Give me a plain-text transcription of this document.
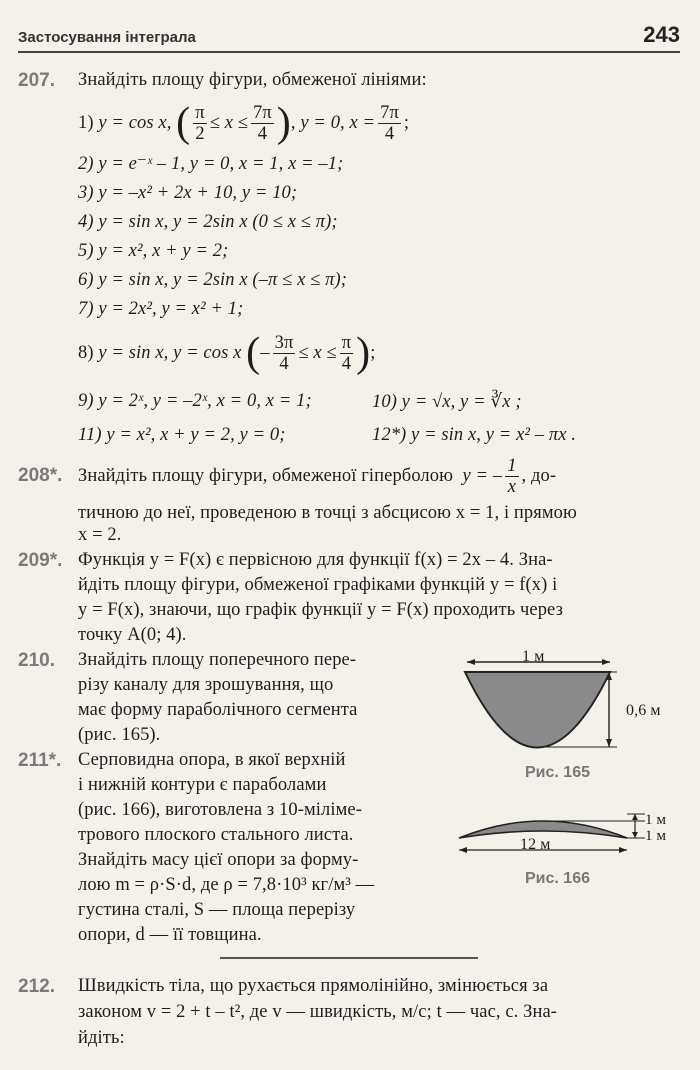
Застосування інтеграла	243
207. Знайдіть площу фігури, обмеженої лініями:
1)
y = cos x,
( $\frac{\pi}{2} \le x \le \frac{7\pi}{4}$ ) , y = 0, $x = \frac{7\pi}{4}$ ;
2) y = e⁻ˣ – 1, y = 0, x = 1, x = –1;
3) y = –x² + 2x + 10, y = 10;
4) y = sin x, y = 2sin x (0 ≤ x ≤ π);
5) y = x², x + y = 2;
6) y = sin x, y = 2sin x (–π ≤ x ≤ π);
7) y = 2x², y = x² + 1;
8)
y = sin x, y = cos x
( – $\frac{3\pi}{4} \le x \le \frac{\pi}{4}$ ) ;
9) y = 2ˣ, y = –2ˣ, x = 0, x = 1;	10) y = √x, y = ∛x ;
11) y = x², x + y = 2, y = 0;	12*) y = sin x, y = x² – πx .
208*. Знайдіть площу фігури, обмеженої гіперболою
y = – $\frac{1}{x}$ , до-
тичною до неї, проведеною в точці з абсцисою x = 1, і прямою
x = 2.
209*. Функція y = F(x) є первісною для функції f(x) = 2x – 4. Зна-
йдіть площу фігури, обмеженої графіками функцій y = f(x) і
y = F(x), знаючи, що графік функції y = F(x) проходить через
точку A(0; 4).
210. Знайдіть площу поперечного пере-
різу каналу для зрошування, що
має форму параболічного сегмента
(рис. 165).
211*. Серповидна опора, в якої верхній
і нижній контури є параболами
(рис. 166), виготовлена з 10-міліме-
трового плоского стального листа.
Знайдіть масу цієї опори за форму-
лою m = ρ·S·d, де ρ = 7,8·10³ кг/м³ —
густина сталі, S — площа перерізу
опори, d — її товщина.
1 м
0,6 м
Рис. 165
1 м
1 м
12 м
Рис. 166
212. Швидкість тіла, що рухається прямолінійно, змінюється за
законом v = 2 + t – t², де v — швидкість, м/с; t — час, с. Зна-
йдіть:
